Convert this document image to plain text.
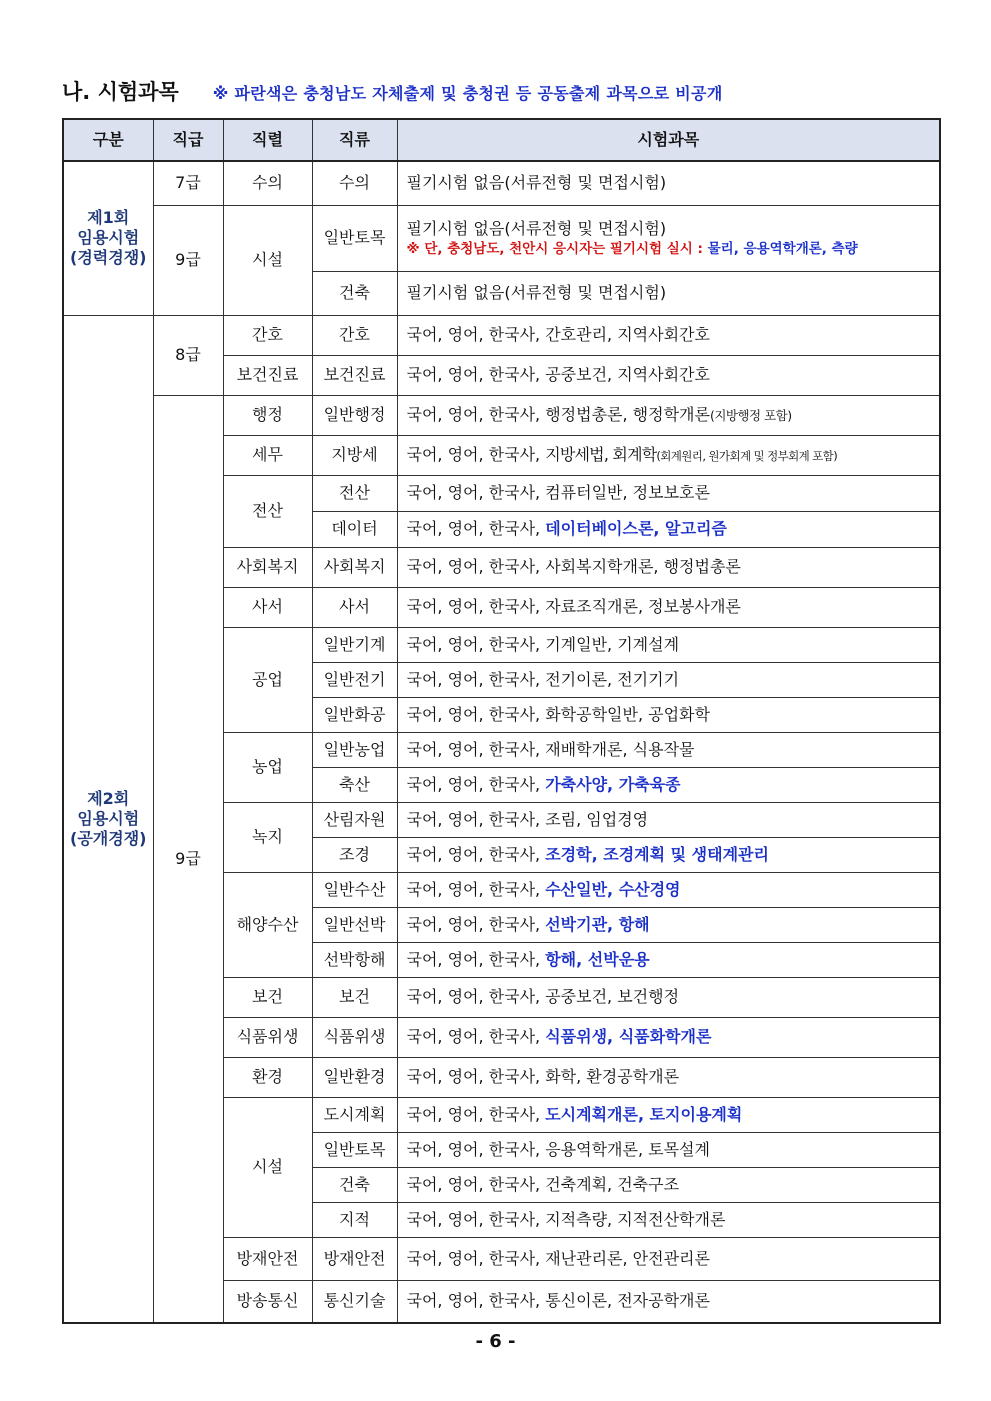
나. 시험과목 ※ 파란색은 충청남도 자체출제 및 충청권 등 공동출제 과목으로 비공개
구분	직급	직렬	직류	시험과목

제1회
임용시험
(경력경쟁)	7급	수의	수의	필기시험 없음(서류전형 및 면접시험)
	9급	시설	일반토목	필기시험 없음(서류전형 및 면접시험)
※ 단, 충청남도, 천안시 응시자는 필기시험 실시 : 물리, 응용역학개론, 측량

			건축	필기시험 없음(서류전형 및 면접시험)

제2회
임용시험
(공개경쟁)	8급	간호	간호	국어, 영어, 한국사, 간호관리, 지역사회간호
		보건진료	보건진료	국어, 영어, 한국사, 공중보건, 지역사회간호
	9급	행정	일반행정	국어, 영어, 한국사, 행정법총론, 행정학개론(지방행정 포함)
		세무	지방세	국어, 영어, 한국사, 지방세법, 회계학(회계원리, 원가회계 및 정부회계 포함)
		전산	전산	국어, 영어, 한국사, 컴퓨터일반, 정보보호론
			데이터	국어, 영어, 한국사, 데이터베이스론, 알고리즘
		사회복지	사회복지	국어, 영어, 한국사, 사회복지학개론, 행정법총론
		사서	사서	국어, 영어, 한국사, 자료조직개론, 정보봉사개론
		공업	일반기계	국어, 영어, 한국사, 기계일반, 기계설계
			일반전기	국어, 영어, 한국사, 전기이론, 전기기기
			일반화공	국어, 영어, 한국사, 화학공학일반, 공업화학
		농업	일반농업	국어, 영어, 한국사, 재배학개론, 식용작물
			축산	국어, 영어, 한국사, 가축사양, 가축육종
		녹지	산림자원	국어, 영어, 한국사, 조림, 임업경영
			조경	국어, 영어, 한국사, 조경학, 조경계획 및 생태계관리
		해양수산	일반수산	국어, 영어, 한국사, 수산일반, 수산경영
			일반선박	국어, 영어, 한국사, 선박기관, 항해
			선박항해	국어, 영어, 한국사, 항해, 선박운용
		보건	보건	국어, 영어, 한국사, 공중보건, 보건행정
		식품위생	식품위생	국어, 영어, 한국사, 식품위생, 식품화학개론
		환경	일반환경	국어, 영어, 한국사, 화학, 환경공학개론
		시설	도시계획	국어, 영어, 한국사, 도시계획개론, 토지이용계획
			일반토목	국어, 영어, 한국사, 응용역학개론, 토목설계
			건축	국어, 영어, 한국사, 건축계획, 건축구조
			지적	국어, 영어, 한국사, 지적측량, 지적전산학개론
		방재안전	방재안전	국어, 영어, 한국사, 재난관리론, 안전관리론
		방송통신	통신기술	국어, 영어, 한국사, 통신이론, 전자공학개론
- 6 -
